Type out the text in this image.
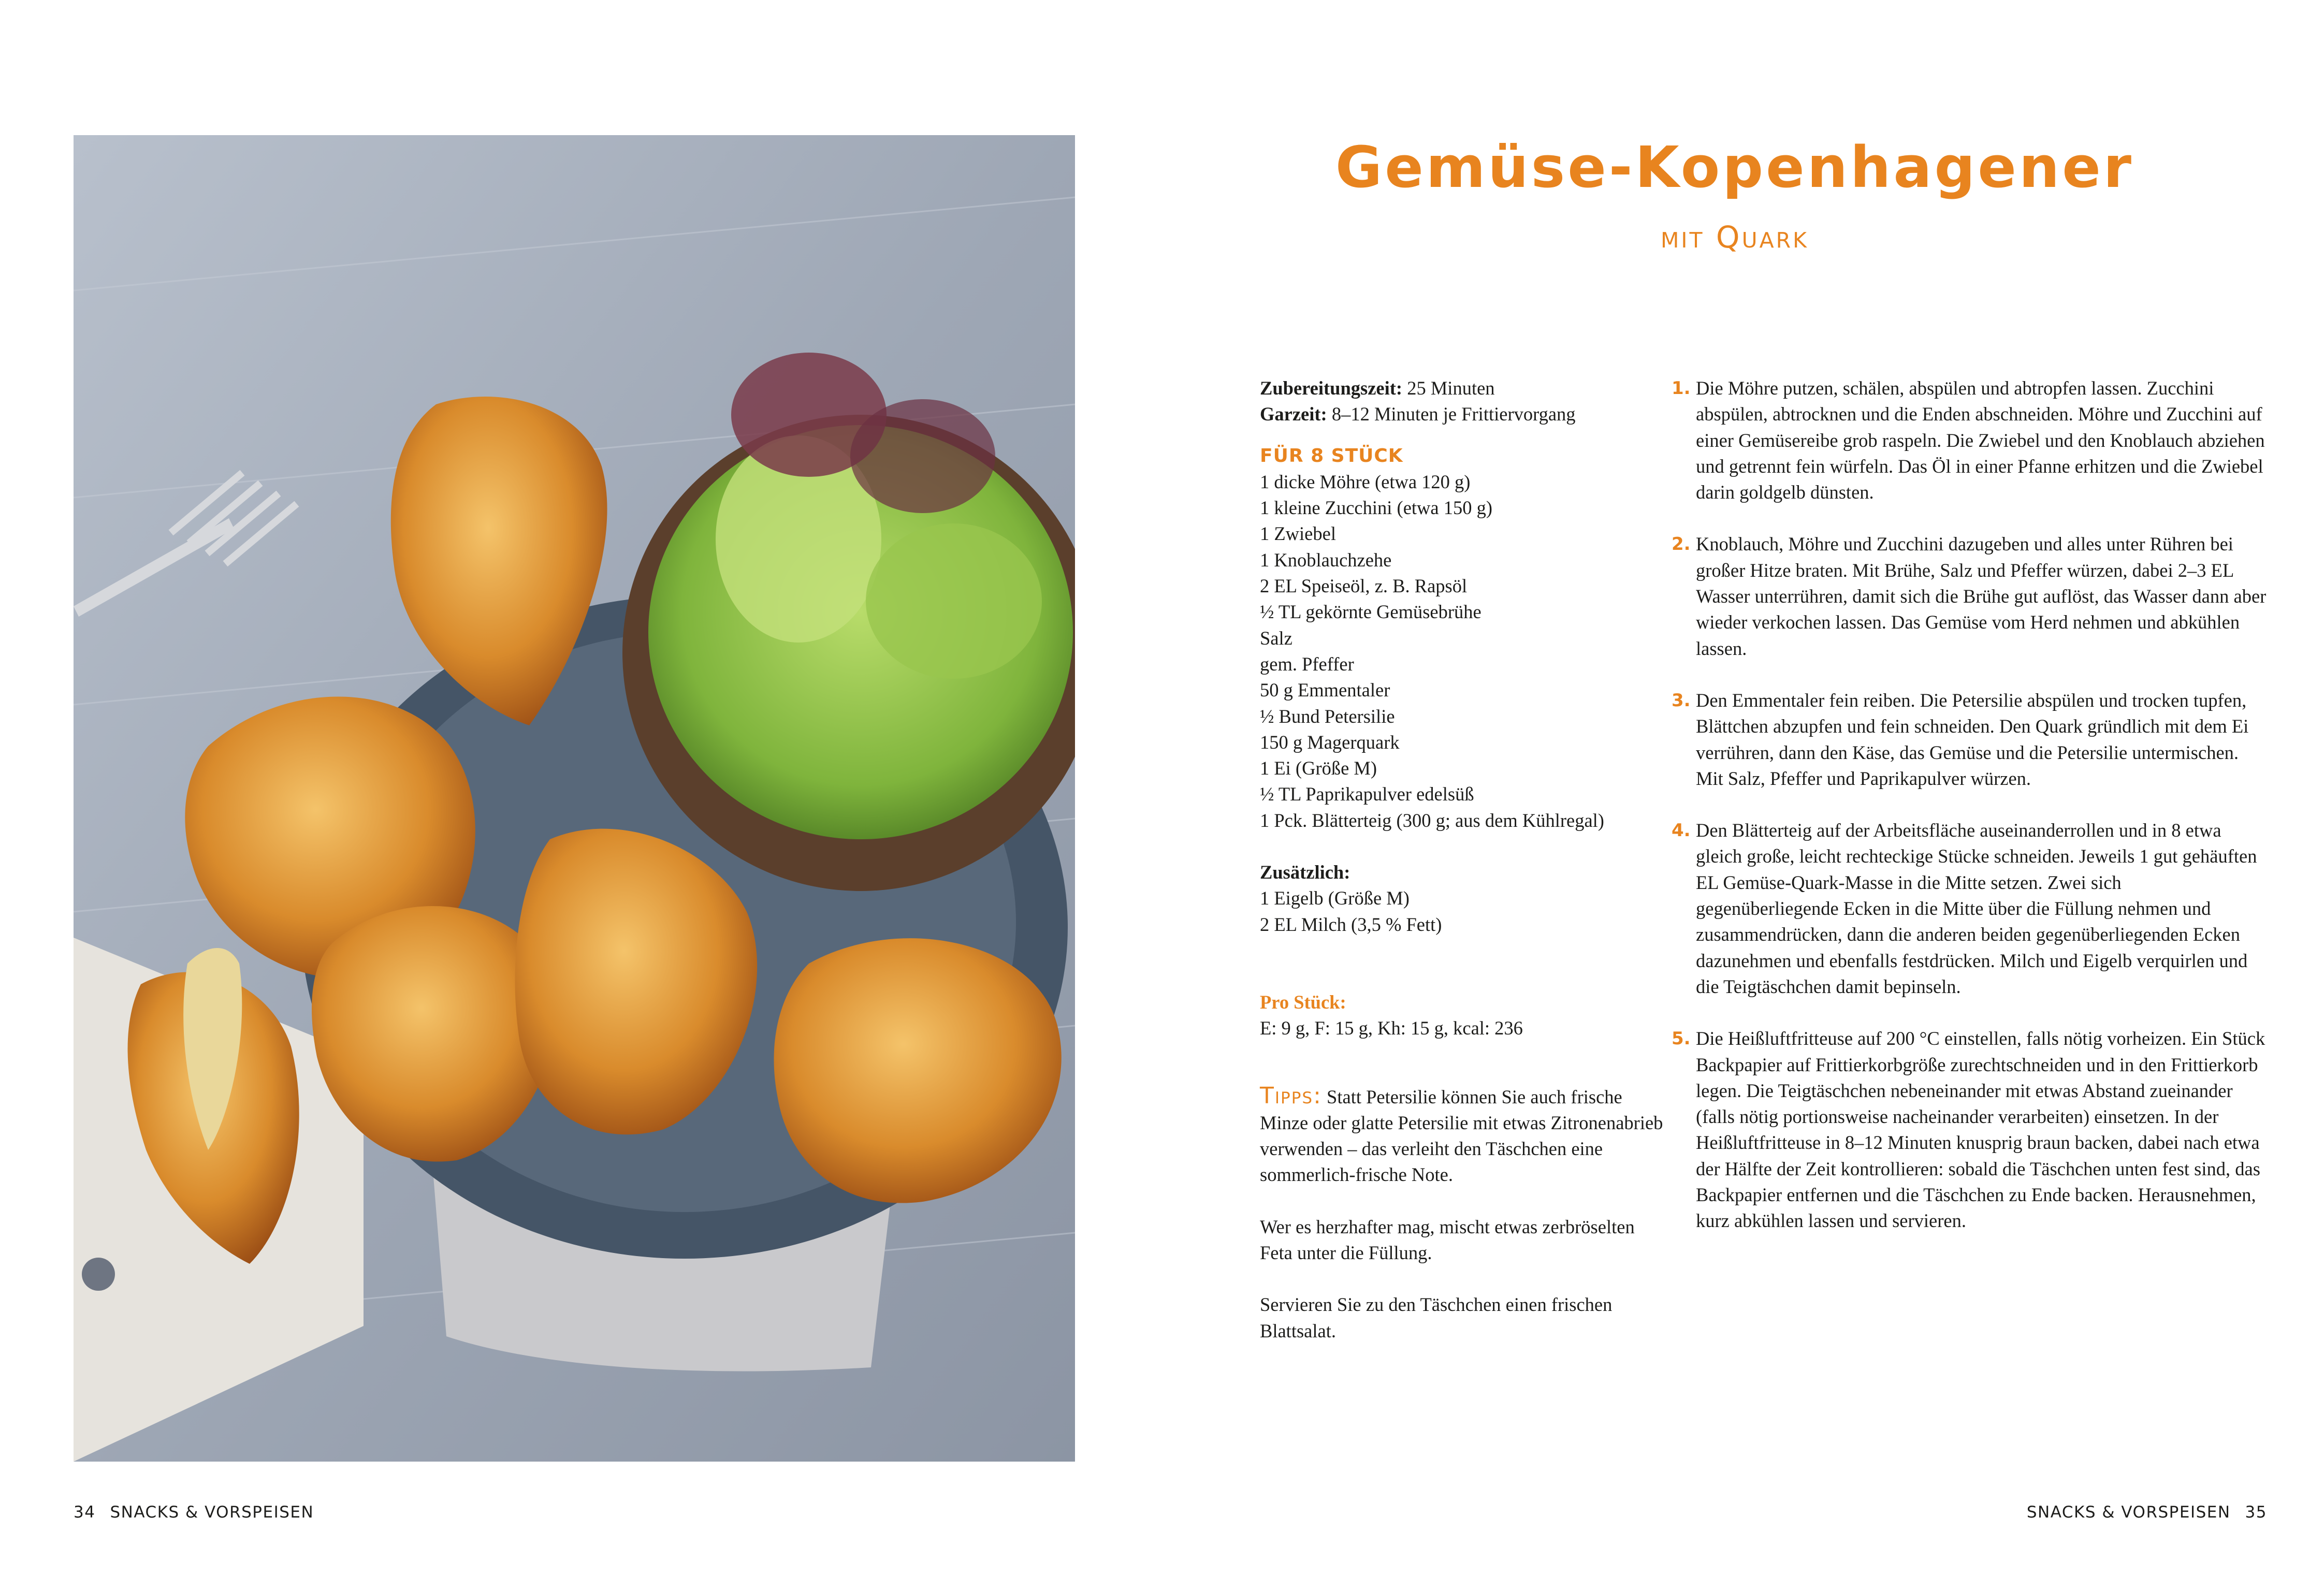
Gemüse-Kopenhagener
mit Quark

Zubereitungszeit: 25 Minuten

Garzeit: 8–12 Minuten je Frittiervorgang

FÜR 8 STÜCK

1 dicke Möhre (etwa 120 g)
1 kleine Zucchini (etwa 150 g)
1 Zwiebel
1 Knoblauchzehe
2 EL Speiseöl, z. B. Rapsöl
½ TL gekörnte Gemüsebrühe
Salz
gem. Pfeffer
50 g Emmentaler
½ Bund Petersilie
150 g Magerquark
1 Ei (Größe M)
½ TL Paprikapulver edelsüß
1 Pck. Blätterteig (300 g; aus dem Kühlregal)

Zusätzlich:

1 Eigelb (Größe M)
2 EL Milch (3,5 % Fett)

Pro Stück:

E: 9 g, F: 15 g, Kh: 15 g, kcal: 236

Tipps: Statt Petersilie können Sie auch frische Minze oder glatte Petersilie mit etwas Zitronenabrieb verwenden – das verleiht den Täschchen eine sommerlich-frische Note.

Wer es herzhafter mag, mischt etwas zerbröselten Feta unter die Füllung.

Servieren Sie zu den Täschchen einen frischen Blattsalat.

1. Die Möhre putzen, schälen, abspülen und abtropfen lassen. Zucchini abspülen, abtrocknen und die Enden abschneiden. Möhre und Zucchini auf einer Gemüsereibe grob raspeln. Die Zwiebel und den Knoblauch abziehen und getrennt fein würfeln. Das Öl in einer Pfanne erhitzen und die Zwiebel darin goldgelb dünsten.
2. Knoblauch, Möhre und Zucchini dazugeben und alles unter Rühren bei großer Hitze braten. Mit Brühe, Salz und Pfeffer würzen, dabei 2–3 EL Wasser unterrühren, damit sich die Brühe gut auflöst, das Wasser dann aber wieder verkochen lassen. Das Gemüse vom Herd nehmen und abkühlen lassen.
3. Den Emmentaler fein reiben. Die Petersilie abspülen und trocken tupfen, Blättchen abzupfen und fein schneiden. Den Quark gründlich mit dem Ei verrühren, dann den Käse, das Gemüse und die Petersilie untermischen. Mit Salz, Pfeffer und Paprikapulver würzen.
4. Den Blätterteig auf der Arbeitsfläche auseinanderrollen und in 8 etwa gleich große, leicht rechteckige Stücke schneiden. Jeweils 1 gut gehäuften EL Gemüse-Quark-Masse in die Mitte setzen. Zwei sich gegenüberliegende Ecken in die Mitte über die Füllung nehmen und zusammendrücken, dann die anderen beiden gegenüberliegenden Ecken dazunehmen und ebenfalls festdrücken. Milch und Eigelb verquirlen und die Teigtäschchen damit bepinseln.
5. Die Heißluftfritteuse auf 200 °C einstellen, falls nötig vorheizen. Ein Stück Backpapier auf Frittierkorbgröße zurechtschneiden und in den Frittierkorb legen. Die Teigtäschchen nebeneinander mit etwas Abstand zueinander (falls nötig portionsweise nacheinander verarbeiten) einsetzen. In der Heißluftfritteuse in 8–12 Minuten knusprig braun backen, dabei nach etwa der Hälfte der Zeit kontrollieren: sobald die Täschchen unten fest sind, das Backpapier entfernen und die Täschchen zu Ende backen. Herausnehmen, kurz abkühlen lassen und servieren.
34 SNACKS & VORSPEISEN	SNACKS & VORSPEISEN 35
